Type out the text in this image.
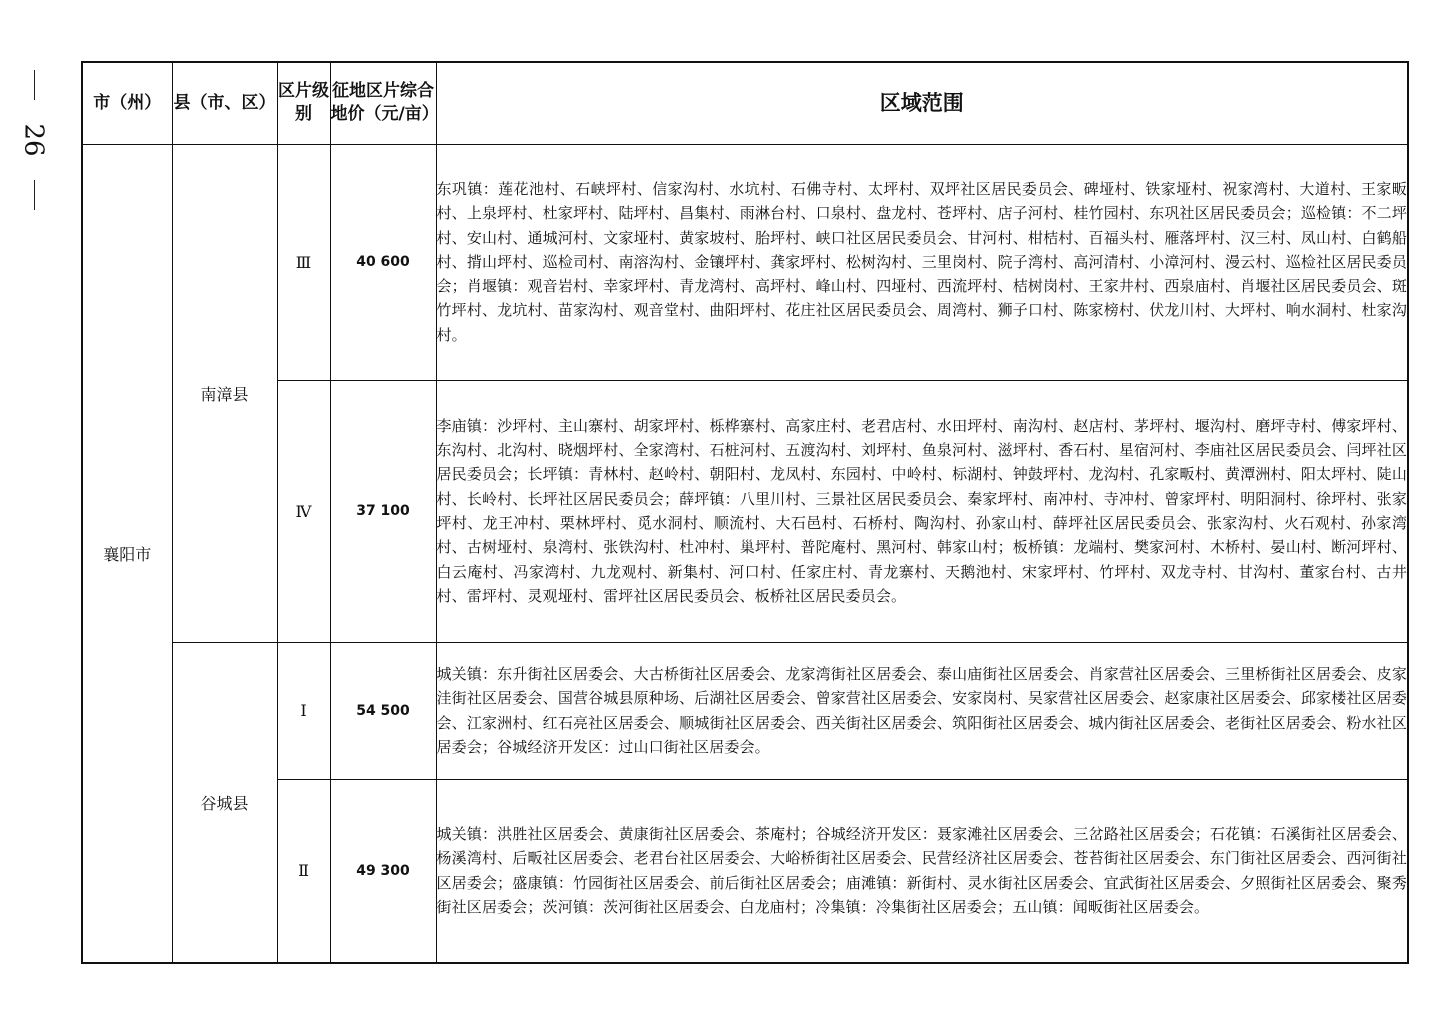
26
市（州）	县（市、区）	区片级别	征地区片综合地价（元/亩）	区域范围
襄阳市	南漳县	Ⅲ	40 600	东巩镇：莲花池村、石峡坪村、信家沟村、水坑村、石佛寺村、太坪村、双坪社区居民委员会、碑垭村、铁家垭村、祝家湾村、大道村、王家畈村、上泉坪村、杜家坪村、陆坪村、昌集村、雨淋台村、口泉村、盘龙村、苍坪村、店子河村、桂竹园村、东巩社区居民委员会；巡检镇：不二坪村、安山村、通城河村、文家垭村、黄家坡村、胎坪村、峡口社区居民委员会、甘河村、柑桔村、百福头村、雁落坪村、汉三村、凤山村、白鹤船村、揹山坪村、巡检司村、南溶沟村、金镶坪村、龚家坪村、松树沟村、三里岗村、院子湾村、高河清村、小漳河村、漫云村、巡检社区居民委员会；肖堰镇：观音岩村、幸家坪村、青龙湾村、高坪村、峰山村、四垭村、西流坪村、桔树岗村、王家井村、西泉庙村、肖堰社区居民委员会、斑竹坪村、龙坑村、苗家沟村、观音堂村、曲阳坪村、花庄社区居民委员会、周湾村、狮子口村、陈家榜村、伏龙川村、大坪村、响水洞村、杜家沟村。

		Ⅳ	37 100	李庙镇：沙坪村、主山寨村、胡家坪村、栎桦寨村、高家庄村、老君店村、水田坪村、南沟村、赵店村、茅坪村、堰沟村、磨坪寺村、傅家坪村、东沟村、北沟村、晓烟坪村、全家湾村、石桩河村、五渡沟村、刘坪村、鱼泉河村、滋坪村、香石村、星宿河村、李庙社区居民委员会、闫坪社区居民委员会；长坪镇：青林村、赵岭村、朝阳村、龙凤村、东园村、中岭村、标湖村、钟鼓坪村、龙沟村、孔家畈村、黄潭洲村、阳太坪村、陡山村、长岭村、长坪社区居民委员会；薛坪镇：八里川村、三景社区居民委员会、秦家坪村、南冲村、寺冲村、曾家坪村、明阳洞村、徐坪村、张家坪村、龙王冲村、栗林坪村、觅水洞村、顺流村、大石邑村、石桥村、陶沟村、孙家山村、薛坪社区居民委员会、张家沟村、火石观村、孙家湾村、古树垭村、泉湾村、张铁沟村、杜冲村、巢坪村、普陀庵村、黑河村、韩家山村；板桥镇：龙端村、樊家河村、木桥村、晏山村、断河坪村、白云庵村、冯家湾村、九龙观村、新集村、河口村、任家庄村、青龙寨村、天鹅池村、宋家坪村、竹坪村、双龙寺村、甘沟村、董家台村、古井村、雷坪村、灵观垭村、雷坪社区居民委员会、板桥社区居民委员会。

	谷城县	Ⅰ	54 500	城关镇：东升街社区居委会、大古桥街社区居委会、龙家湾街社区居委会、泰山庙街社区居委会、肖家营社区居委会、三里桥街社区居委会、皮家洼街社区居委会、国营谷城县原种场、后湖社区居委会、曾家营社区居委会、安家岗村、吴家营社区居委会、赵家康社区居委会、邱家楼社区居委会、江家洲村、红石亮社区居委会、顺城街社区居委会、西关街社区居委会、筑阳街社区居委会、城内街社区居委会、老街社区居委会、粉水社区居委会；谷城经济开发区：过山口街社区居委会。

		Ⅱ	49 300	城关镇：洪胜社区居委会、黄康街社区居委会、茶庵村；谷城经济开发区：聂家滩社区居委会、三岔路社区居委会；石花镇：石溪街社区居委会、杨溪湾村、后畈社区居委会、老君台社区居委会、大峪桥街社区居委会、民营经济社区居委会、苍苔街社区居委会、东门街社区居委会、西河街社区居委会；盛康镇：竹园街社区居委会、前后街社区居委会；庙滩镇：新街村、灵水街社区居委会、宜武街社区居委会、夕照街社区居委会、聚秀街社区居委会；茨河镇：茨河街社区居委会、白龙庙村；冷集镇：冷集街社区居委会；五山镇：闻畈街社区居委会。
